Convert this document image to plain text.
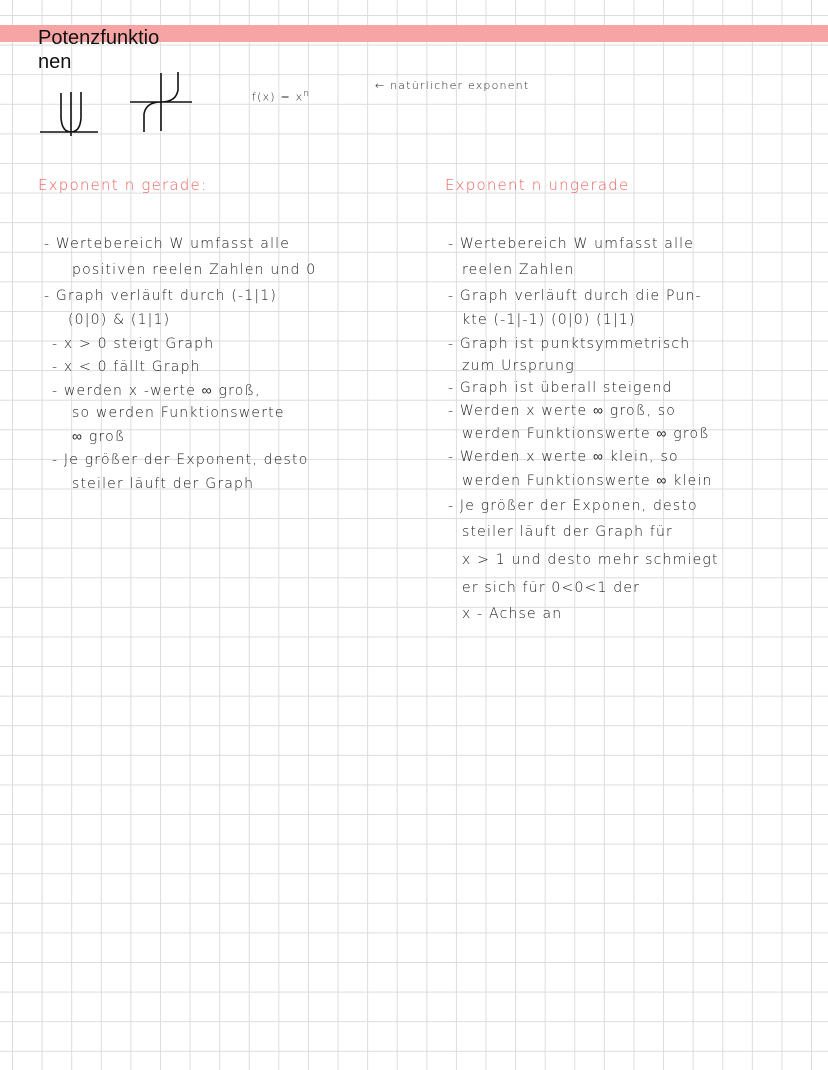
Potenzfunktio
nen
$f(x) = x^n$
← natürlicher exponent
Exponent n gerade:	Exponent n ungerade
- Wertebereich W umfasst alle
positiven reelen Zahlen und 0
- Graph verläuft durch (-1|1)
(0|0) & (1|1)
- x > 0 steigt Graph
- x < 0 fällt Graph
- werden x -werte ∞ groß,
so werden Funktionswerte
∞ groß
- Je größer der Exponent, desto
steiler läuft der Graph
- Wertebereich W umfasst alle
reelen Zahlen
- Graph verläuft durch die Pun-
kte (-1|-1) (0|0) (1|1)
- Graph ist punktsymmetrisch
zum Ursprung
- Graph ist überall steigend
- Werden x werte ∞ groß, so
werden Funktionswerte ∞ groß
- Werden x werte ∞ klein, so
werden Funktionswerte ∞ klein
- Je größer der Exponen, desto
steiler läuft der Graph für
x > 1 und desto mehr schmiegt
er sich für 0<0<1 der
x - Achse an
